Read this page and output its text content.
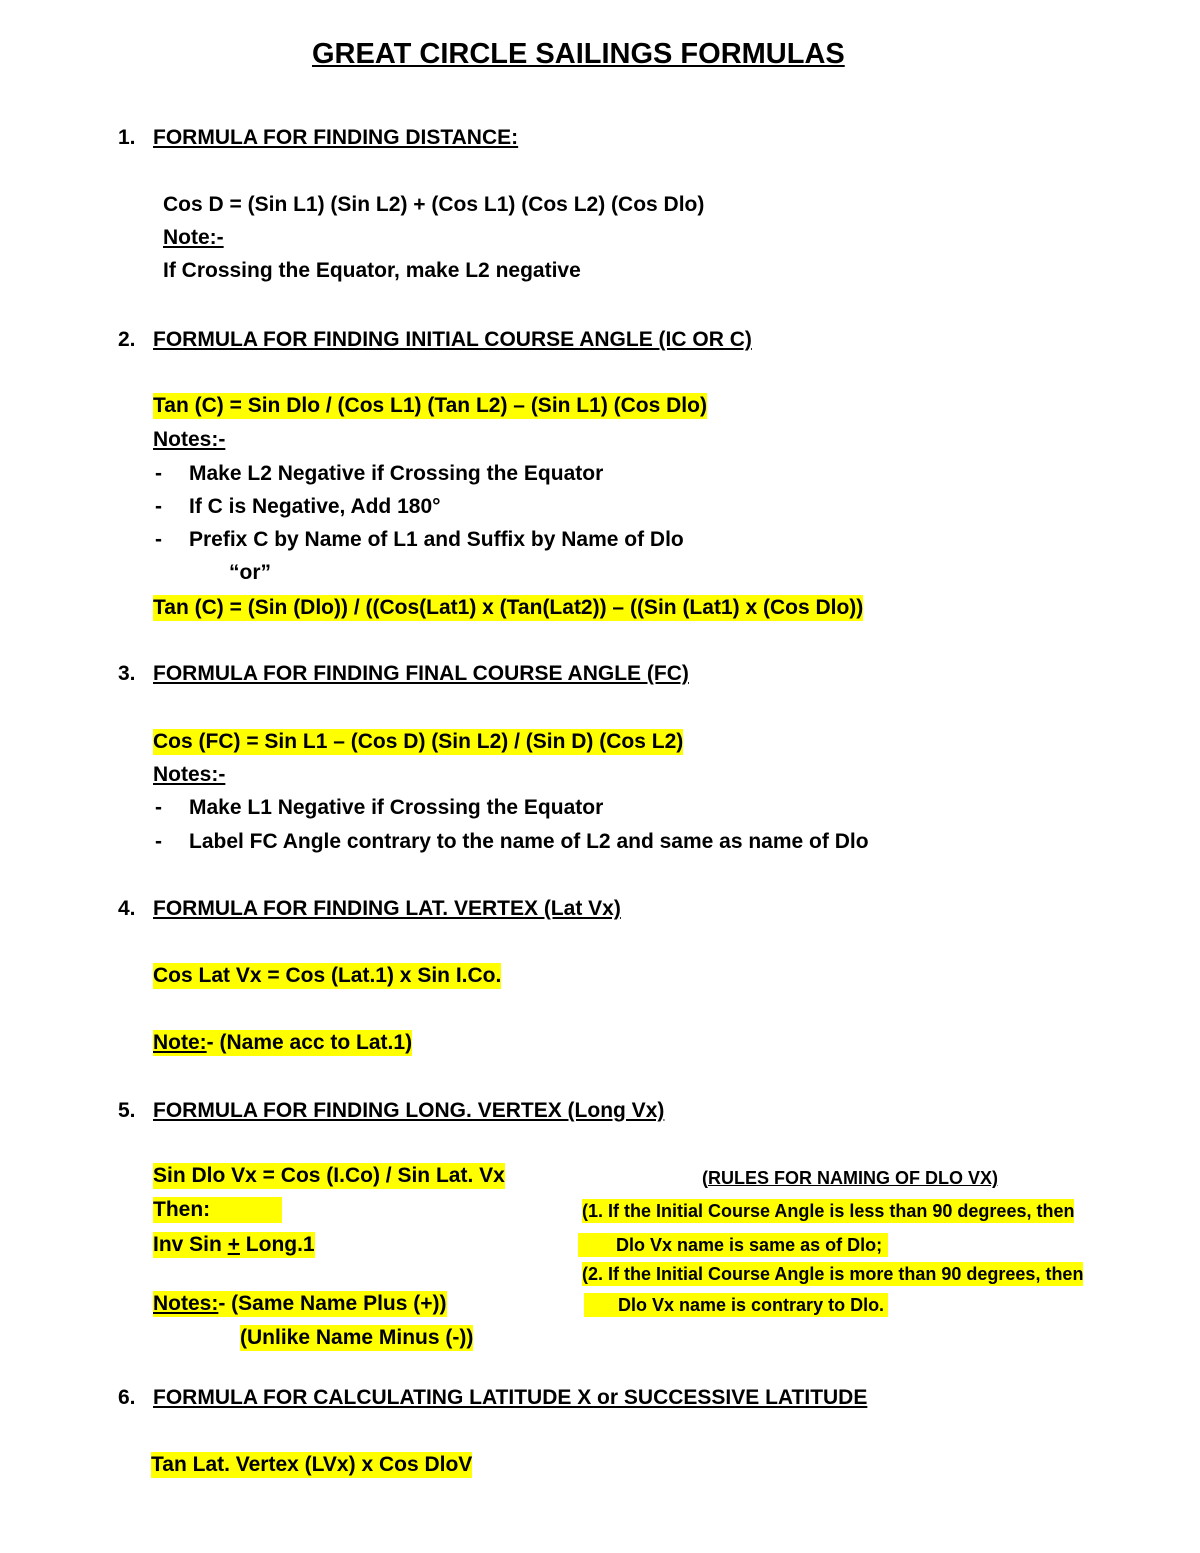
GREAT CIRCLE SAILINGS FORMULAS
1. FORMULA FOR FINDING DISTANCE:
Cos D = (Sin L1) (Sin L2) + (Cos L1) (Cos L2) (Cos Dlo)
Note:-
If Crossing the Equator, make L2 negative
2. FORMULA FOR FINDING INITIAL COURSE ANGLE (IC OR C)
Tan (C) = Sin Dlo / (Cos L1) (Tan L2) – (Sin L1) (Cos Dlo)
Notes:-
- Make L2 Negative if Crossing the Equator
- If C is Negative, Add 180°
- Prefix C by Name of L1 and Suffix by Name of Dlo
“or”
Tan (C) = (Sin (Dlo)) / ((Cos(Lat1) x (Tan(Lat2)) – ((Sin (Lat1) x (Cos Dlo))
3. FORMULA FOR FINDING FINAL COURSE ANGLE (FC)
Cos (FC) = Sin L1 – (Cos D) (Sin L2) / (Sin D) (Cos L2)
Notes:-
- Make L1 Negative if Crossing the Equator
- Label FC Angle contrary to the name of L2 and same as name of Dlo
4. FORMULA FOR FINDING LAT. VERTEX (Lat Vx)
Cos Lat Vx = Cos (Lat.1) x Sin I.Co.
Note:- (Name acc to Lat.1)
5. FORMULA FOR FINDING LONG. VERTEX (Long Vx)
Sin Dlo Vx = Cos (I.Co) / Sin Lat. Vx
Then:
Inv Sin + Long.1
Notes:- (Same Name Plus (+))
(Unlike Name Minus (-))
(RULES FOR NAMING OF DLO VX)
(1. If the Initial Course Angle is less than 90 degrees, then
Dlo Vx name is same as of Dlo;
(2. If the Initial Course Angle is more than 90 degrees, then
Dlo Vx name is contrary to Dlo.
6. FORMULA FOR CALCULATING LATITUDE X or SUCCESSIVE LATITUDE
Tan Lat. Vertex (LVx) x Cos DloV
